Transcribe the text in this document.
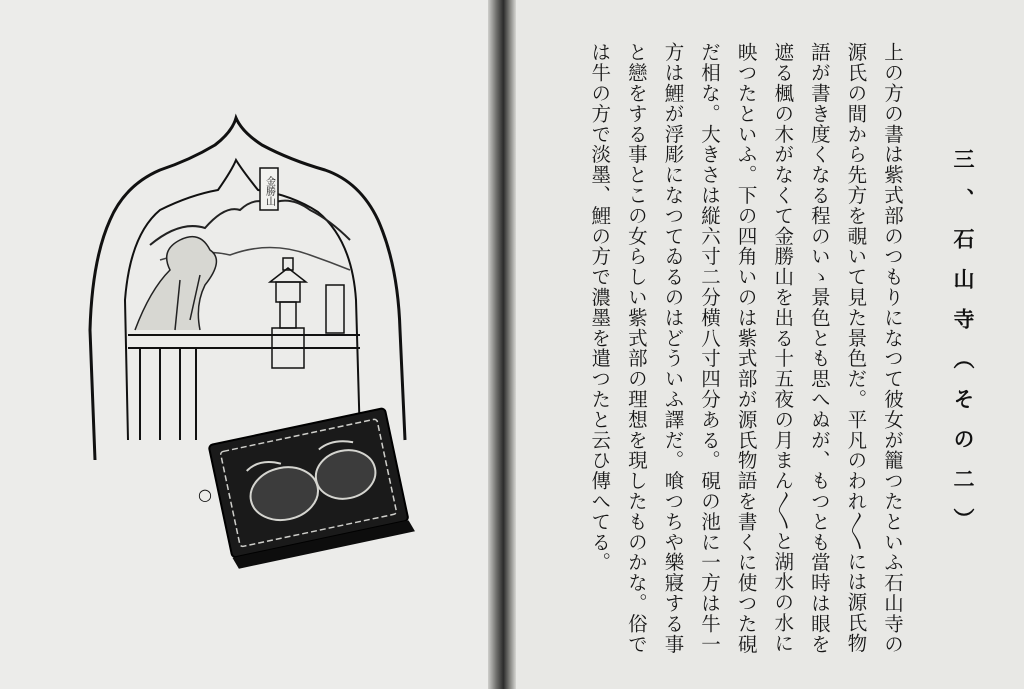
金勝山
○
三、石山寺（その二）

上の方の書は紫式部のつもりになつて彼女が籠つたといふ石山寺の源氏の間から先方を覗いて見た景色だ。平凡のわれ〳〵には源氏物語が書き度くなる程のいゝ景色とも思へぬが、もつとも當時は眼を遮る楓の木がなくて金勝山を出る十五夜の月まん〳〵と湖水の水に映つたといふ。下の四角いのは紫式部が源氏物語を書くに使つた硯だ相な。大きさは縦六寸二分横八寸四分ある。硯の池に一方は牛一方は鯉が浮彫になつてゐるのはどういふ譯だ。喰つちや樂寢する事と戀をする事とこの女らしい紫式部の理想を現したものかな。俗では牛の方で淡墨、鯉の方で濃墨を遣つたと云ひ傳へてる。
